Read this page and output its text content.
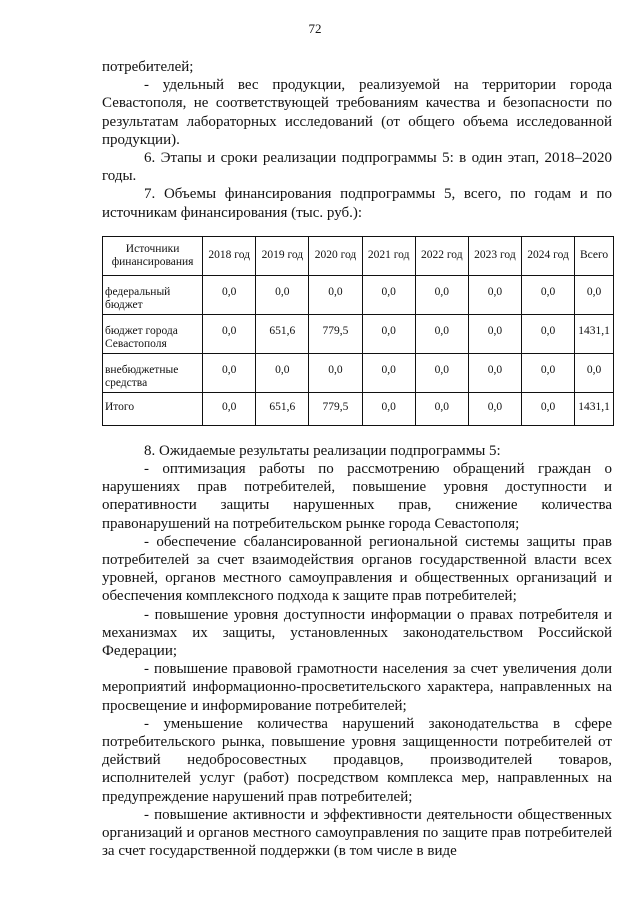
72

потребителей;

- удельный вес продукции, реализуемой на территории города Севастополя, не соответствующей требованиям качества и безопасности по результатам лабораторных исследований (от общего объема исследованной продукции).

6. Этапы и сроки реализации подпрограммы 5: в один этап, 2018–2020 годы.

7. Объемы финансирования подпрограммы 5, всего, по годам и по источникам финансирования (тыс. руб.):

Источники финансирования	2018 год	2019 год	2020 год	2021 год	2022 год	2023 год	2024 год	Всего
федеральный бюджет	0,0	0,0	0,0	0,0	0,0	0,0	0,0	0,0
бюджет города Севастополя	0,0	651,6	779,5	0,0	0,0	0,0	0,0	1431,1
внебюджетные средства	0,0	0,0	0,0	0,0	0,0	0,0	0,0	0,0
Итого	0,0	651,6	779,5	0,0	0,0	0,0	0,0	1431,1

8. Ожидаемые результаты реализации подпрограммы 5:

- оптимизация работы по рассмотрению обращений граждан о нарушениях прав потребителей, повышение уровня доступности и оперативности защиты нарушенных прав, снижение количества правонарушений на потребительском рынке города Севастополя;

- обеспечение сбалансированной региональной системы защиты прав потребителей за счет взаимодействия органов государственной власти всех уровней, органов местного самоуправления и общественных организаций и обеспечения комплексного подхода к защите прав потребителей;

- повышение уровня доступности информации о правах потребителя и механизмах их защиты, установленных законодательством Российской Федерации;

- повышение правовой грамотности населения за счет увеличения доли мероприятий информационно-просветительского характера, направленных на просвещение и информирование потребителей;

- уменьшение количества нарушений законодательства в сфере потребительского рынка, повышение уровня защищенности потребителей от действий недобросовестных продавцов, производителей товаров, исполнителей услуг (работ) посредством комплекса мер, направленных на предупреждение нарушений прав потребителей;

- повышение активности и эффективности деятельности общественных организаций и органов местного самоуправления по защите прав потребителей за счет государственной поддержки (в том числе в виде
